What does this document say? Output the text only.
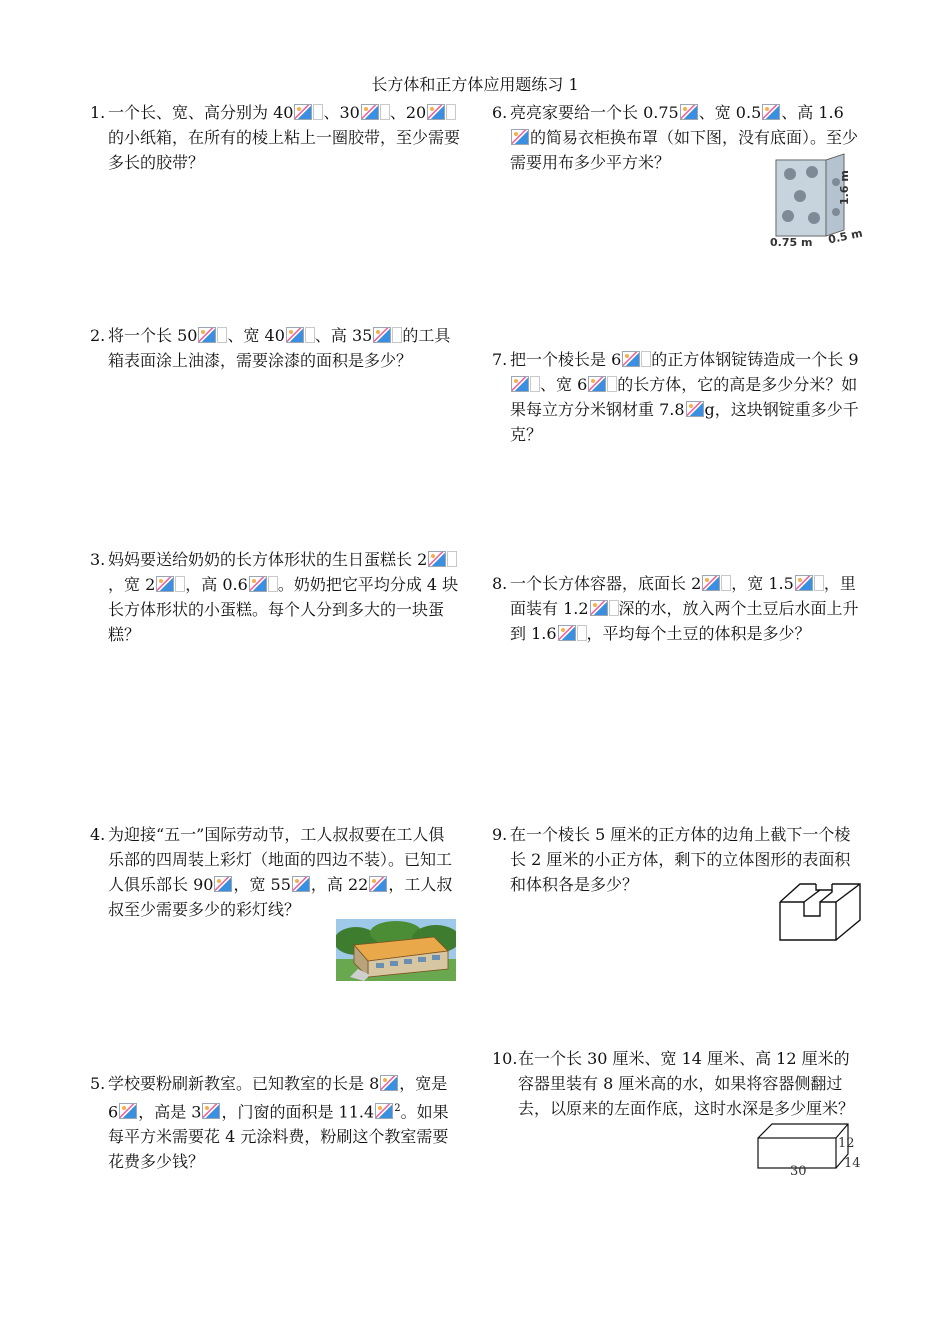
长方体和正方体应用题练习 1
1. 一个长、宽、高分别为 40 、30 、20的小纸箱，在所有的棱上粘上一圈胶带，至少需要多长的胶带？
2. 将一个长 50 、宽 40 、高 35 的工具箱表面涂上油漆，需要涂漆的面积是多少？
3. 妈妈要送给奶奶的长方体形状的生日蛋糕长 2，宽 2 ，高 0.6 。奶奶把它平均分成 4 块长方体形状的小蛋糕。每个人分到多大的一块蛋糕？
4. 为迎接“五一”国际劳动节，工人叔叔要在工人俱乐部的四周装上彩灯（地面的四边不装）。已知工人俱乐部长 90 ，宽 55 ，高 22 ，工人叔叔至少需要多少的彩灯线？
5. 学校要粉刷新教室。已知教室的长是 8 ，宽是 6 ，高是 3 ，门窗的面积是 11.4 $^2$。如果每平方米需要花 4 元涂料费，粉刷这个教室需要花费多少钱？
6. 亮亮家要给一个长 0.75 、宽 0.5 、高 1.6的简易衣柜换布罩（如下图，没有底面）。至少需要用布多少平方米？
1.6 m
0.75 m 0.5 m
7. 把一个棱长是 6 的正方体钢锭铸造成一个长 9、宽 6 的长方体，它的高是多少分米？如果每立方分米钢材重 7.8 g，这块钢锭重多少千克？
8. 一个长方体容器，底面长 2 ，宽 1.5 ，里面装有 1.2 深的水，放入两个土豆后水面上升到 1.6 ，平均每个土豆的体积是多少？
9. 在一个棱长 5 厘米的正方体的边角上截下一个棱长 2 厘米的小正方体，剩下的立体图形的表面积和体积各是多少？
10. 在一个长 30 厘米、宽 14 厘米、高 12 厘米的容器里装有 8 厘米高的水，如果将容器侧翻过去，以原来的左面作底，这时水深是多少厘米？
12
30
14
